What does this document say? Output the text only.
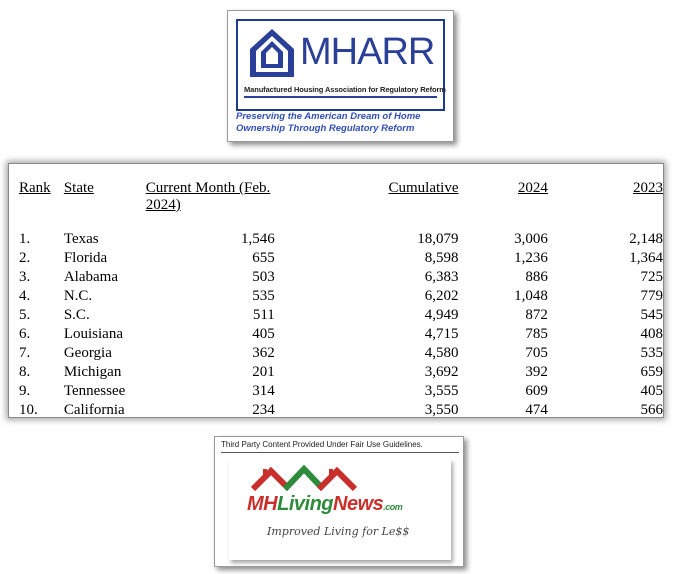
MHARR
Manufactured Housing Association for Regulatory Reform
Preserving the American Dream of Home
Ownership Through Regulatory Reform
Rank	State	Current Month (Feb. 2024)	Cumulative	2024	2023

1.	Texas	1,546	18,079	3,006	2,148
2.	Florida	655	8,598	1,236	1,364
3.	Alabama	503	6,383	886	725
4.	N.C.	535	6,202	1,048	779
5.	S.C.	511	4,949	872	545
6.	Louisiana	405	4,715	785	408
7.	Georgia	362	4,580	705	535
8.	Michigan	201	3,692	392	659
9.	Tennessee	314	3,555	609	405
10.	California	234	3,550	474	566
Third Party Content Provided Under Fair Use Guidelines.
MHLivingNews.com
Improved Living for Le$$
